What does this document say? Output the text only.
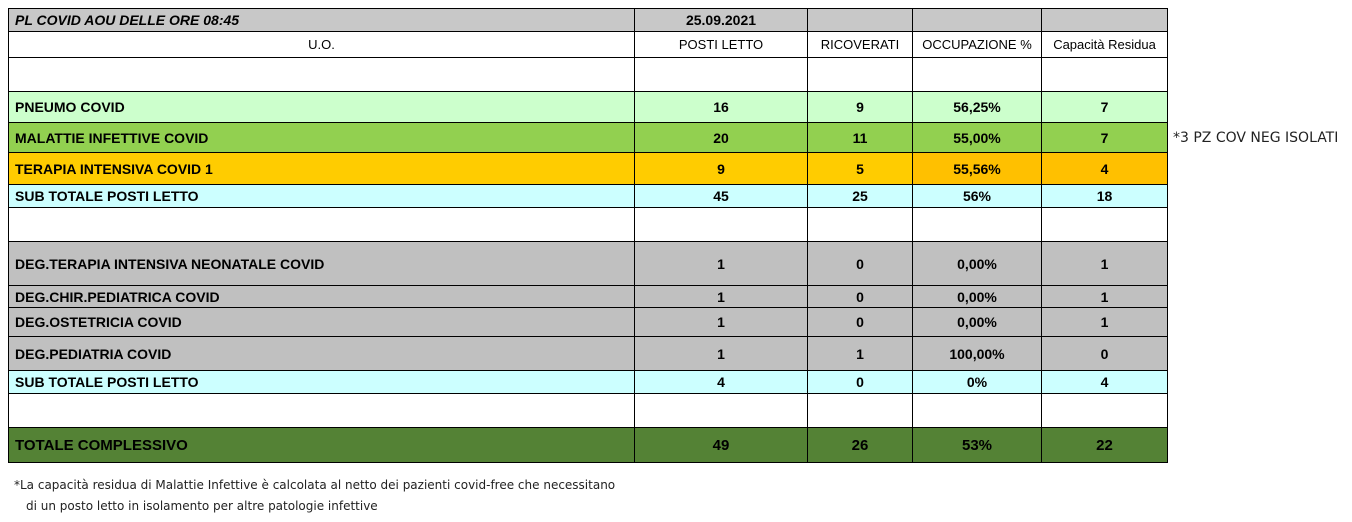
PL COVID AOU DELLE ORE 08:45	25.09.2021			
U.O.	POSTI LETTO	RICOVERATI	OCCUPAZIONE %	Capacità Residua

PNEUMO COVID	16	9	56,25%	7
MALATTIE INFETTIVE COVID	20	11	55,00%	7
TERAPIA INTENSIVA COVID 1	9	5	55,56%	4
SUB TOTALE POSTI LETTO	45	25	56%	18

DEG.TERAPIA INTENSIVA NEONATALE COVID	1	0	0,00%	1
DEG.CHIR.PEDIATRICA COVID	1	0	0,00%	1
DEG.OSTETRICIA COVID	1	0	0,00%	1
DEG.PEDIATRIA COVID	1	1	100,00%	0
SUB TOTALE POSTI LETTO	4	0	0%	4

TOTALE COMPLESSIVO	49	26	53%	22
*3 PZ COV NEG ISOLATI
*La capacità residua di Malattie Infettive è calcolata al netto dei pazienti covid-free che necessitano
di un posto letto in isolamento per altre patologie infettive
